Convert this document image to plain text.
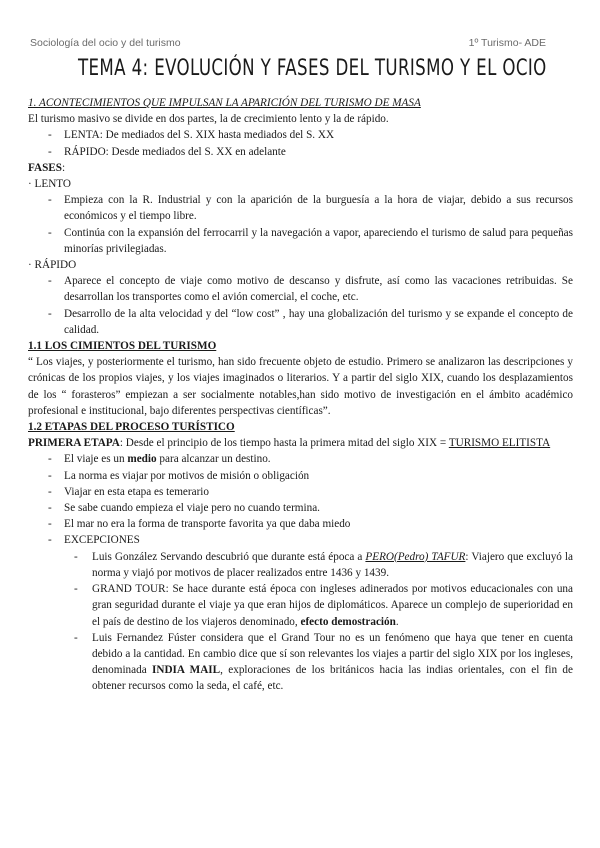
Sociología del ocio y del turismo	1º Turismo- ADE
TEMA 4: EVOLUCIÓN Y FASES DEL TURISMO Y EL OCIO

1. ACONTECIMIENTOS QUE IMPULSAN LA APARICIÓN DEL TURISMO DE MASA

El turismo masivo se divide en dos partes, la de crecimiento lento y la de rápido.

- LENTA: De mediados del S. XIX hasta mediados del S. XX
- RÁPIDO: Desde mediados del S. XX en adelante

FASES:

· LENTO

- Empieza con la R. Industrial y con la aparición de la burguesía a la hora de viajar, debido a sus recursos económicos y el tiempo libre.
- Continúa con la expansión del ferrocarril y la navegación a vapor, apareciendo el turismo de salud para pequeñas minorías privilegiadas.

· RÁPIDO

- Aparece el concepto de viaje como motivo de descanso y disfrute, así como las vacaciones retribuidas. Se desarrollan los transportes como el avión comercial, el coche, etc.
- Desarrollo de la alta velocidad y del “low cost” , hay una globalización del turismo y se expande el concepto de calidad.

1.1 LOS CIMIENTOS DEL TURISMO

“ Los viajes, y posteriormente el turismo, han sido frecuente objeto de estudio. Primero se analizaron las descripciones y crónicas de los propios viajes, y los viajes imaginados o literarios. Y a partir del siglo XIX, cuando los desplazamientos de los “ forasteros” empiezan a ser socialmente notables,han sido motivo de investigación en el ámbito académico profesional e institucional, bajo diferentes perspectivas científicas”.

1.2 ETAPAS DEL PROCESO TURÍSTICO

PRIMERA ETAPA: Desde el principio de los tiempo hasta la primera mitad del siglo XIX = TURISMO ELITISTA

- El viaje es un medio para alcanzar un destino.
- La norma es viajar por motivos de misión o obligación
- Viajar en esta etapa es temerario
- Se sabe cuando empieza el viaje pero no cuando termina.
- El mar no era la forma de transporte favorita ya que daba miedo
- EXCEPCIONES
- Luis González Servando descubrió que durante está época a PERO(Pedro) TAFUR: Viajero que excluyó la norma y viajó por motivos de placer realizados entre 1436 y 1439.
- GRAND TOUR: Se hace durante está época con ingleses adinerados por motivos educacionales con una gran seguridad durante el viaje ya que eran hijos de diplomáticos. Aparece un complejo de superioridad en el país de destino de los viajeros denominado, efecto demostración.
- Luis Fernandez Fúster considera que el Grand Tour no es un fenómeno que haya que tener en cuenta debido a la cantidad. En cambio dice que sí son relevantes los viajes a partir del siglo XIX por los ingleses, denominada INDIA MAIL, exploraciones de los británicos hacia las indias orientales, con el fin de obtener recursos como la seda, el café, etc.
